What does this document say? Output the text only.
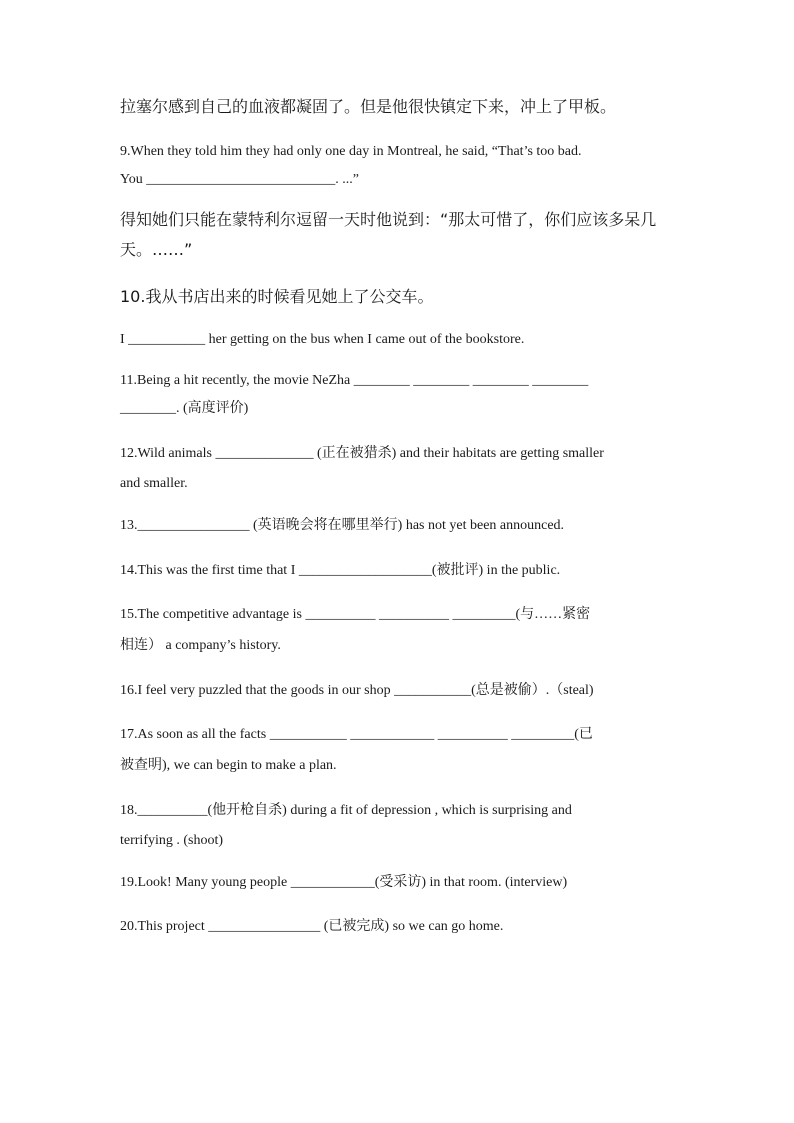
拉塞尔感到自己的血液都凝固了。但是他很快镇定下来，冲上了甲板。
9.When they told him they had only one day in Montreal, he said, “That’s too bad.
You ___________________________. ...”
得知她们只能在蒙特利尔逗留一天时他说到：“那太可惜了，你们应该多呆几
天。……”
10.我从书店出来的时候看见她上了公交车。
I ___________ her getting on the bus when I came out of the bookstore.
11.Being a hit recently, the movie NeZha ________ ________ ________ ________
________. (高度评价)
12.Wild animals ______________ (正在被猎杀) and their habitats are getting smaller
and smaller.
13.________________ (英语晚会将在哪里举行) has not yet been announced.
14.This was the first time that I ___________________(被批评) in the public.
15.The competitive advantage is __________ __________ _________(与……紧密
相连） a company’s history.
16.I feel very puzzled that the goods in our shop ___________(总是被偷）.（steal)
17.As soon as all the facts ___________ ____________ __________ _________(已
被查明), we can begin to make a plan.
18.__________(他开枪自杀) during a fit of depression , which is surprising and
terrifying . (shoot)
19.Look! Many young people ____________(受采访) in that room. (interview)
20.This project ________________ (已被完成) so we can go home.
